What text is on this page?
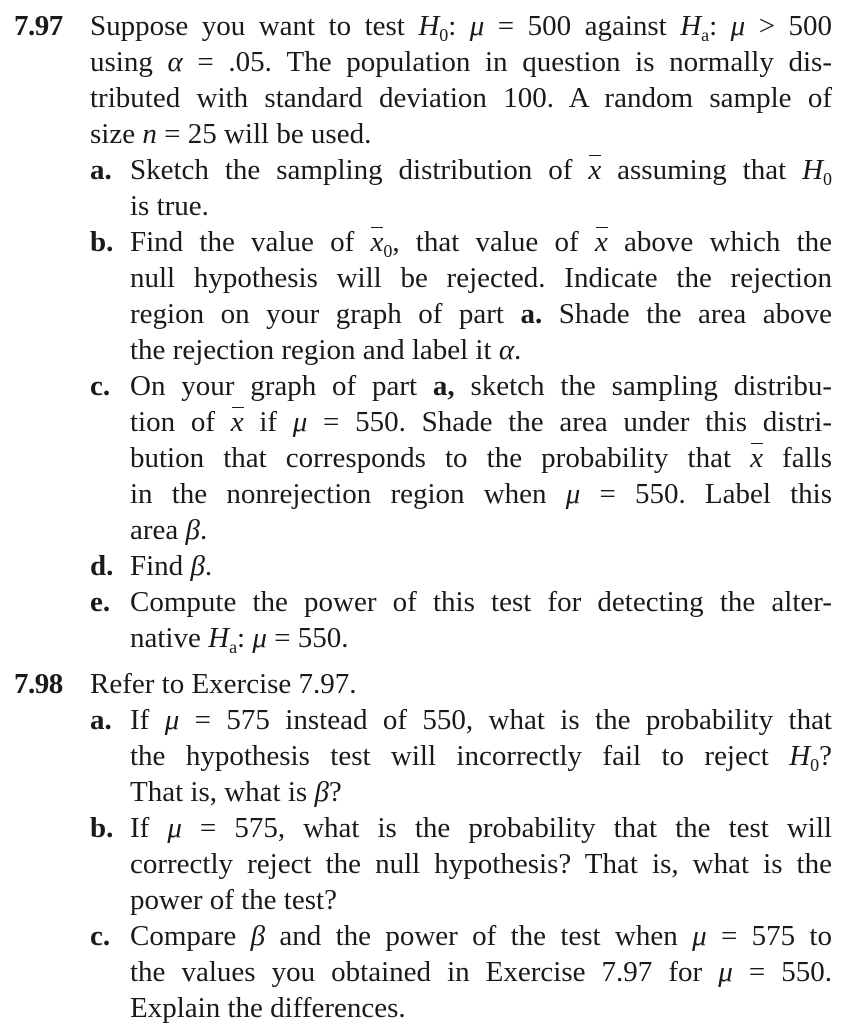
7.97 Suppose you want to test $H_0$: μ = 500 against $H_a$: μ > 500
using α = .05. The population in question is normally dis-
tributed with standard deviation 100. A random sample of
size n = 25 will be used.
a. Sketch the sampling distribution of x assuming that $H_0$
is true.
b. Find the value of $x_0$, that value of x above which the
null hypothesis will be rejected. Indicate the rejection
region on your graph of part a. Shade the area above
the rejection region and label it α.
c. On your graph of part a, sketch the sampling distribu-
tion of x if μ = 550. Shade the area under this distri-
bution that corresponds to the probability that x falls
in the nonrejection region when μ = 550. Label this
area β.
d. Find β.
e. Compute the power of this test for detecting the alter-
native $H_a$: μ = 550.
7.98 Refer to Exercise 7.97.
a. If μ = 575 instead of 550, what is the probability that
the hypothesis test will incorrectly fail to reject $H_0$?
That is, what is β?
b. If μ = 575, what is the probability that the test will
correctly reject the null hypothesis? That is, what is the
power of the test?
c. Compare β and the power of the test when μ = 575 to
the values you obtained in Exercise 7.97 for μ = 550.
Explain the differences.
